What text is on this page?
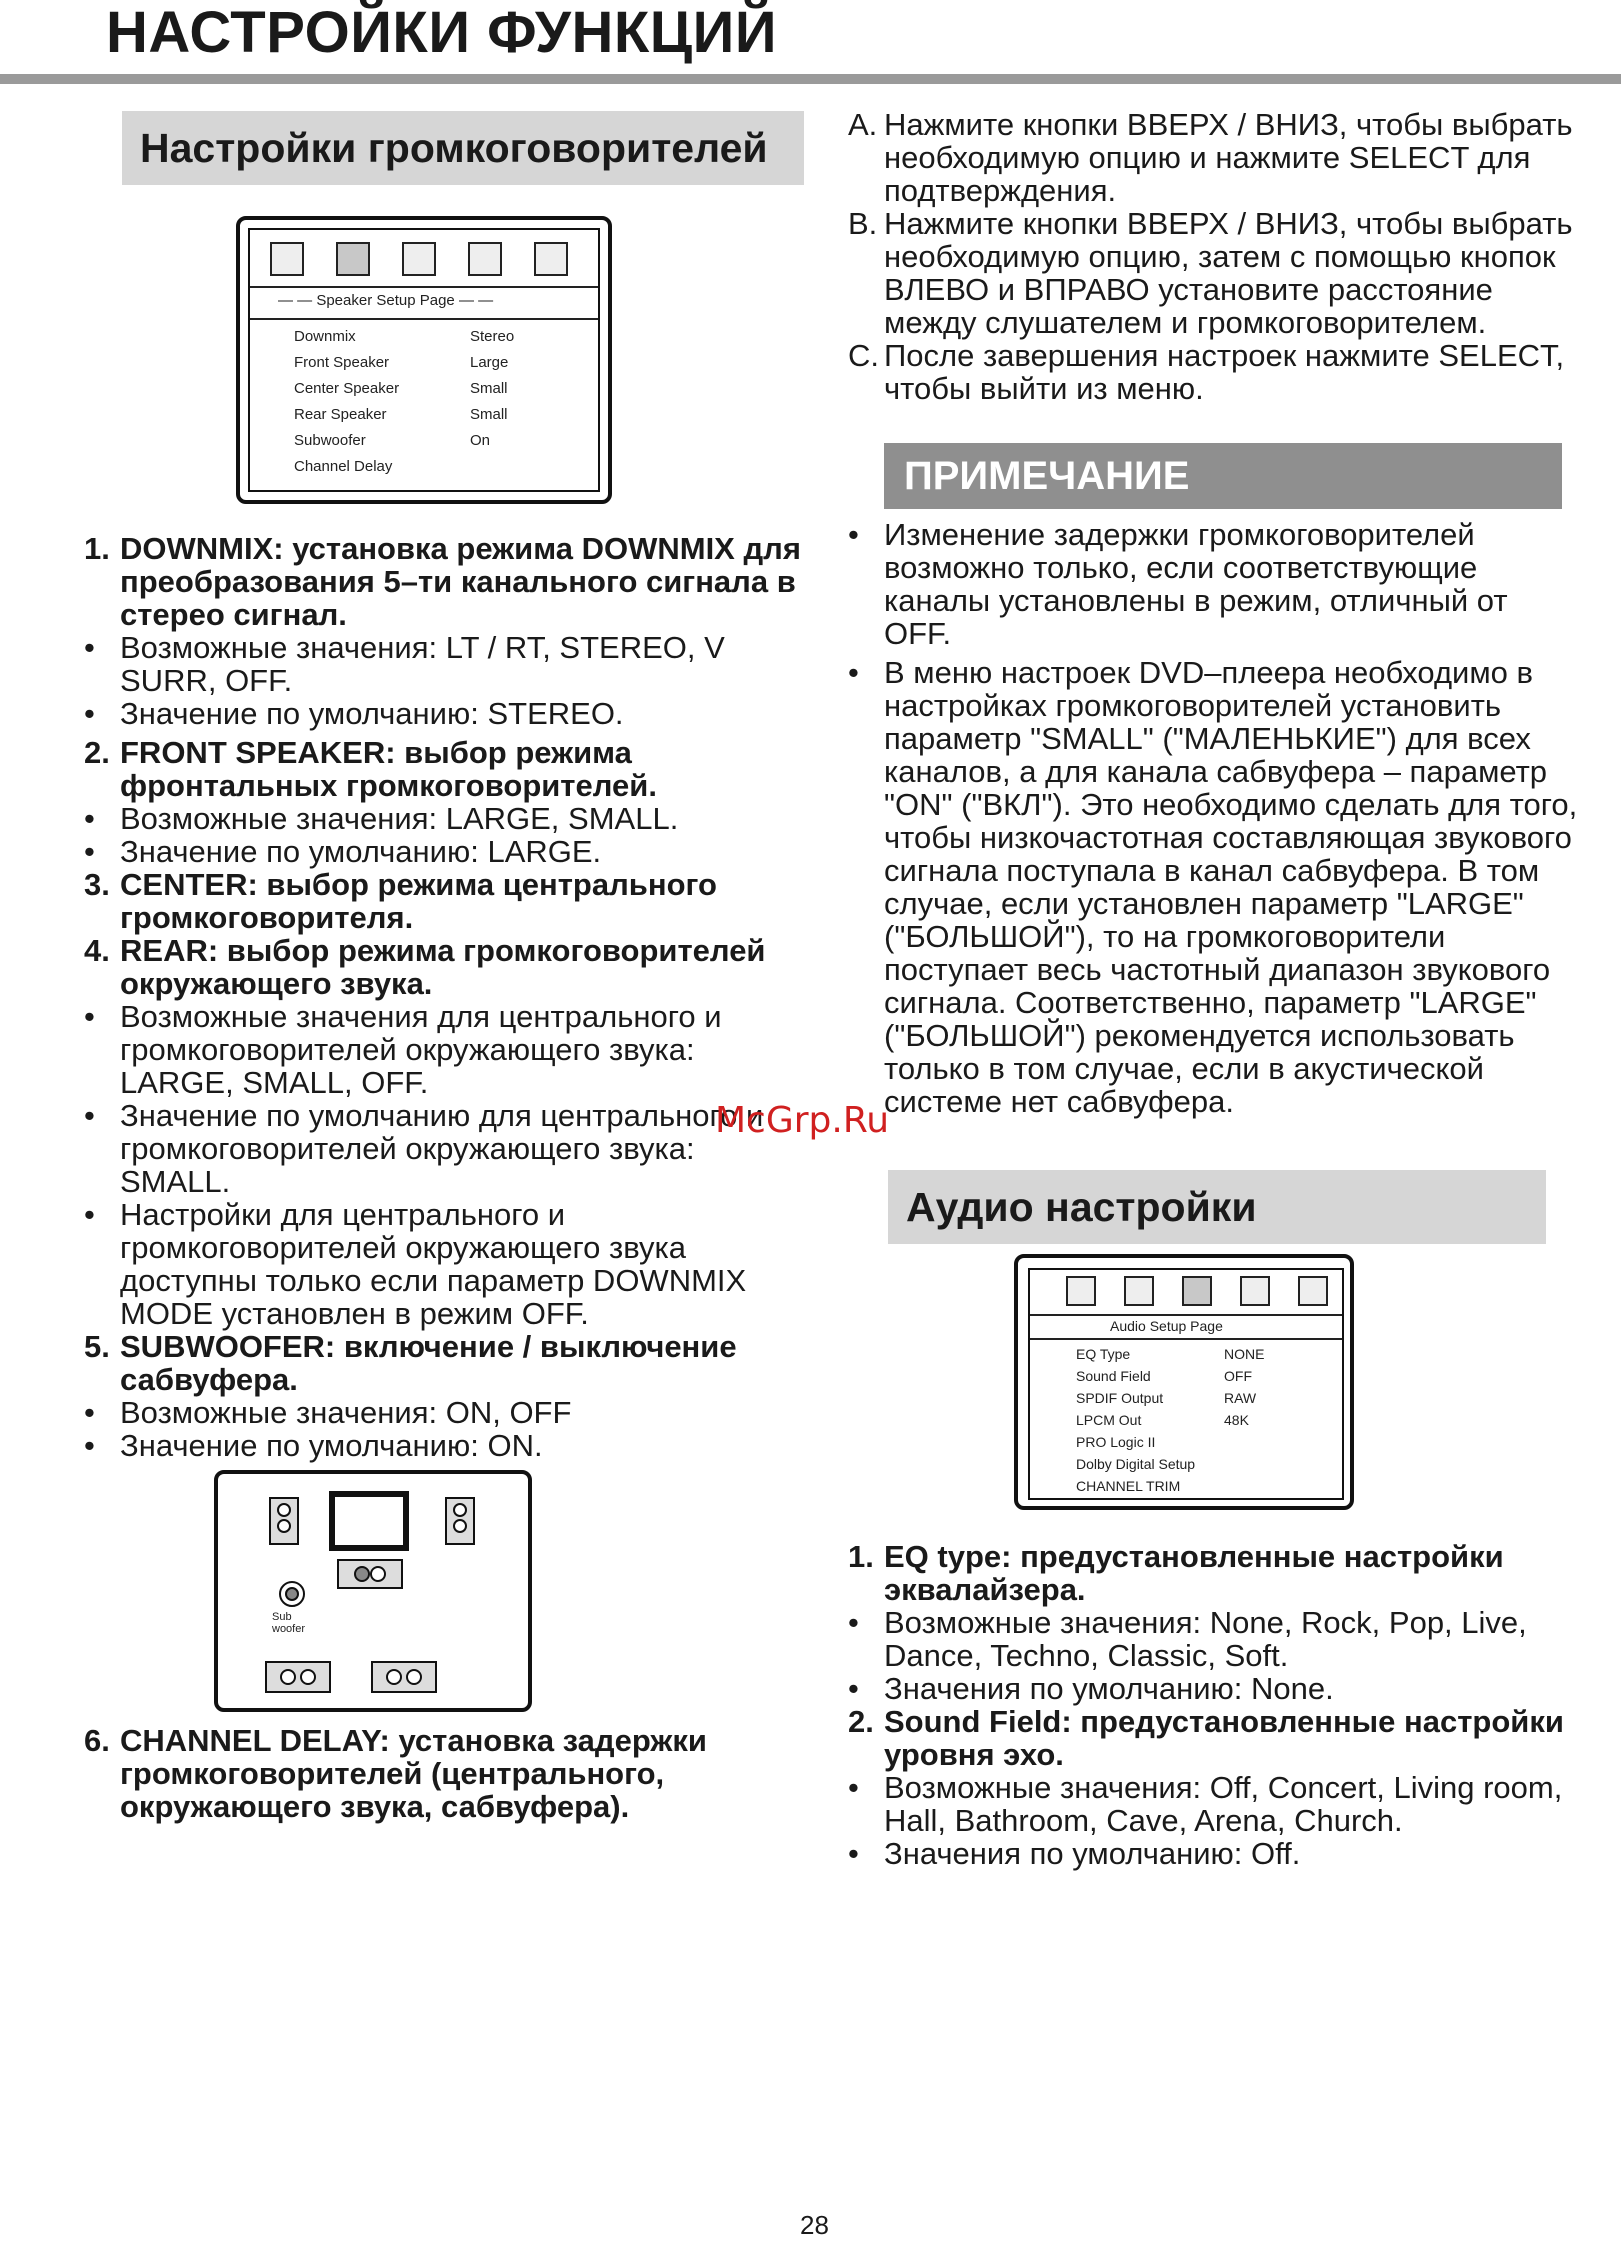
НАСТРОЙКИ ФУНКЦИЙ
Настройки громкоговорителей
— — Speaker Setup Page — —
Downmix	Stereo
Front Speaker	Large
Center Speaker	Small
Rear Speaker	Small
Subwoofer	On
Channel Delay
1. DOWNMIX: установка режима DOWNMIX для преобразования 5–ти канального сигнала в стерео сигнал.
• Возможные значения: LT / RT, STEREO, V SURR, OFF.
• Значение по умолчанию: STEREO.
2. FRONT SPEAKER: выбор режима фронтальных громкоговорителей.
• Возможные значения: LARGE, SMALL.
• Значение по умолчанию: LARGE.
3. CENTER: выбор режима центрального громкоговорителя.
4. REAR: выбор режима громкоговорителей окружающего звука.
• Возможные значения для центрального и громкоговорителей окружающего звука: LARGE, SMALL, OFF.
• Значение по умолчанию для центрального и громкоговорителей окружающего звука: SMALL.
• Настройки для центрального и громкоговорителей окружающего звука доступны только если параметр DOWNMIX MODE установлен в режим OFF.
5. SUBWOOFER: включение / выключение сабвуфера.
• Возможные значения: ON, OFF
• Значение по умолчанию: ON.
Sub
woofer
6. CHANNEL DELAY: установка задержки громкоговорителей (центрального, окружающего звука, сабвуфера).
A. Нажмите кнопки ВВЕРХ / ВНИЗ, чтобы выбрать необходимую опцию и нажмите SELECT для подтверждения.
B. Нажмите кнопки ВВЕРХ / ВНИЗ, чтобы выбрать необходимую опцию, затем с помощью кнопок ВЛЕВО и ВПРАВО установите расстояние между слушателем и громкоговорителем.
C. После завершения настроек нажмите SELECT, чтобы выйти из меню.
ПРИМЕЧАНИЕ
• Изменение задержки громкоговорителей возможно только, если соответствующие каналы установлены в режим, отличный от OFF.
• В меню настроек DVD–плеера необходимо в настройках громкоговорителей установить параметр "SMALL" ("МАЛЕНЬКИЕ") для всех каналов, а для канала сабвуфера – параметр "ON" ("ВКЛ"). Это необходимо сделать для того, чтобы низкочастотная составляющая звукового сигнала поступала в канал сабвуфера. В том случае, если установлен параметр "LARGE" ("БОЛЬШОЙ"), то на громкоговорители поступает весь частотный диапазон звукового сигнала. Соответственно, параметр "LARGE" ("БОЛЬШОЙ") рекомендуется использовать только в том случае, если в акустической системе нет сабвуфера.
McGrp.Ru
Аудио настройки
Audio Setup Page
EQ Type	NONE
Sound Field	OFF
SPDIF Output	RAW
LPCM Out	48K
PRO Logic II
Dolby Digital Setup
CHANNEL TRIM
1. EQ type: предустановленные настройки эквалайзера.
• Возможные значения: None, Rock, Pop, Live, Dance, Techno, Classic, Soft.
• Значения по умолчанию: None.
2. Sound Field: предустановленные настройки уровня эхо.
• Возможные значения: Off, Concert, Living room, Hall, Bathroom, Cave, Arena, Church.
• Значения по умолчанию: Off.
28
